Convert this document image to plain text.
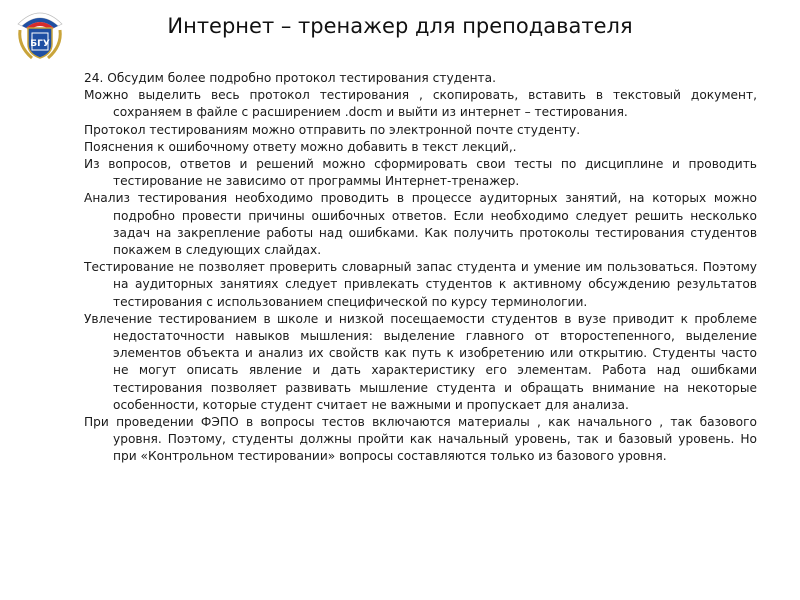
БГУ
Интернет – тренажер для преподавателя

24. Обсудим более подробно протокол тестирования студента.

Можно выделить весь протокол тестирования , скопировать, вставить в текстовый документ, сохраняем в файле с расширением .docm и выйти из интернет – тестирования.

Протокол тестированиям можно отправить по электронной почте студенту.

Пояснения к ошибочному ответу можно добавить в текст лекций,.

Из вопросов, ответов и решений можно сформировать свои тесты по дисциплине и проводить тестирование не зависимо от программы Интернет-тренажер.

Анализ тестирования необходимо проводить в процессе аудиторных занятий, на которых можно подробно провести причины ошибочных ответов. Если необходимо следует решить несколько задач на закрепление работы над ошибками. Как получить протоколы тестирования студентов покажем в следующих слайдах.

Тестирование не позволяет проверить словарный запас студента и умение им пользоваться. Поэтому на аудиторных занятиях следует привлекать студентов к активному обсуждению результатов тестирования с использованием специфической по курсу терминологии.

Увлечение тестированием в школе и низкой посещаемости студентов в вузе приводит к проблеме недостаточности навыков мышления: выделение главного от второстепенного, выделение элементов объекта и анализ их свойств как путь к изобретению или открытию. Студенты часто не могут описать явление и дать характеристику его элементам. Работа над ошибками тестирования позволяет развивать мышление студента и обращать внимание на некоторые особенности, которые студент считает не важными и пропускает для анализа.

При проведении ФЭПО в вопросы тестов включаются материалы , как начального , так базового уровня. Поэтому, студенты должны пройти как начальный уровень, так и базовый уровень. Но при «Контрольном тестировании» вопросы составляются только из базового уровня.
